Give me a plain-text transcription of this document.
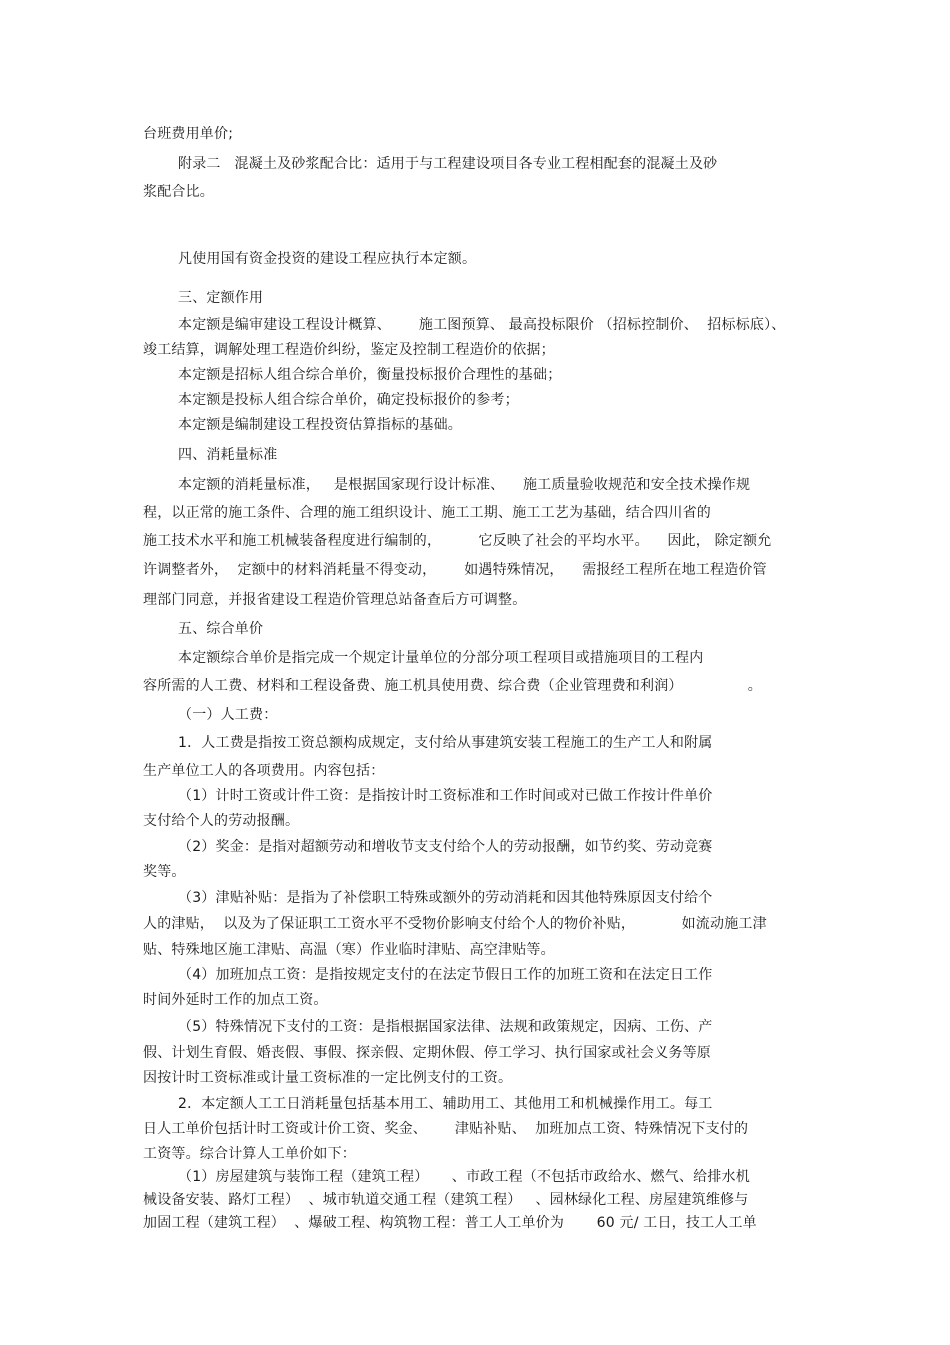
台班费用单价;
附录二   混凝土及砂浆配合比：适用于与工程建设项目各专业工程相配套的混凝土及砂
浆配合比。
凡使用国有资金投资的建设工程应执行本定额。
三、定额作用
本定额是编审建设工程设计概算、      施工图预算、 最高投标限价 （招标控制价、  招标标底）、
竣工结算，调解处理工程造价纠纷，鉴定及控制工程造价的依据；
本定额是招标人组合综合单价，衡量投标报价合理性的基础；
本定额是投标人组合综合单价，确定投标报价的参考；
本定额是编制建设工程投资估算指标的基础。
四、消耗量标准
本定额的消耗量标准，   是根据国家现行设计标准、    施工质量验收规范和安全技术操作规
程，以正常的施工条件、合理的施工组织设计、施工工期、施工工艺为基础，结合四川省的
施工技术水平和施工机械装备程度进行编制的，        它反映了社会的平均水平。    因此， 除定额允
许调整者外，  定额中的材料消耗量不得变动，      如遇特殊情况，    需报经工程所在地工程造价管
理部门同意，并报省建设工程造价管理总站备查后方可调整。
五、综合单价
本定额综合单价是指完成一个规定计量单位的分部分项工程项目或措施项目的工程内
容所需的人工费、材料和工程设备费、施工机具使用费、综合费（企业管理费和利润）              。
（一）人工费：
1．人工费是指按工资总额构成规定，支付给从事建筑安装工程施工的生产工人和附属
生产单位工人的各项费用。内容包括：
（1）计时工资或计件工资：是指按计时工资标准和工作时间或对已做工作按计件单价
支付给个人的劳动报酬。
（2）奖金：是指对超额劳动和增收节支支付给个人的劳动报酬，如节约奖、劳动竞赛
奖等。
（3）津贴补贴：是指为了补偿职工特殊或额外的劳动消耗和因其他特殊原因支付给个
人的津贴，  以及为了保证职工工资水平不受物价影响支付给个人的物价补贴，          如流动施工津
贴、特殊地区施工津贴、高温（寒）作业临时津贴、高空津贴等。
（4）加班加点工资：是指按规定支付的在法定节假日工作的加班工资和在法定日工作
时间外延时工作的加点工资。
（5）特殊情况下支付的工资：是指根据国家法律、法规和政策规定，因病、工伤、产
假、计划生育假、婚丧假、事假、探亲假、定期休假、停工学习、执行国家或社会义务等原
因按计时工资标准或计量工资标准的一定比例支付的工资。
2．本定额人工工日消耗量包括基本用工、辅助用工、其他用工和机械操作用工。每工
日人工单价包括计时工资或计价工资、奖金、      津贴补贴、  加班加点工资、特殊情况下支付的
工资等。综合计算人工单价如下：
（1）房屋建筑与装饰工程（建筑工程）     、市政工程（不包括市政给水、燃气、给排水机
械设备安装、路灯工程）  、城市轨道交通工程（建筑工程）   、园林绿化工程、房屋建筑维修与
加固工程（建筑工程）  、爆破工程、构筑物工程：普工人工单价为       60 元/ 工日，技工人工单
